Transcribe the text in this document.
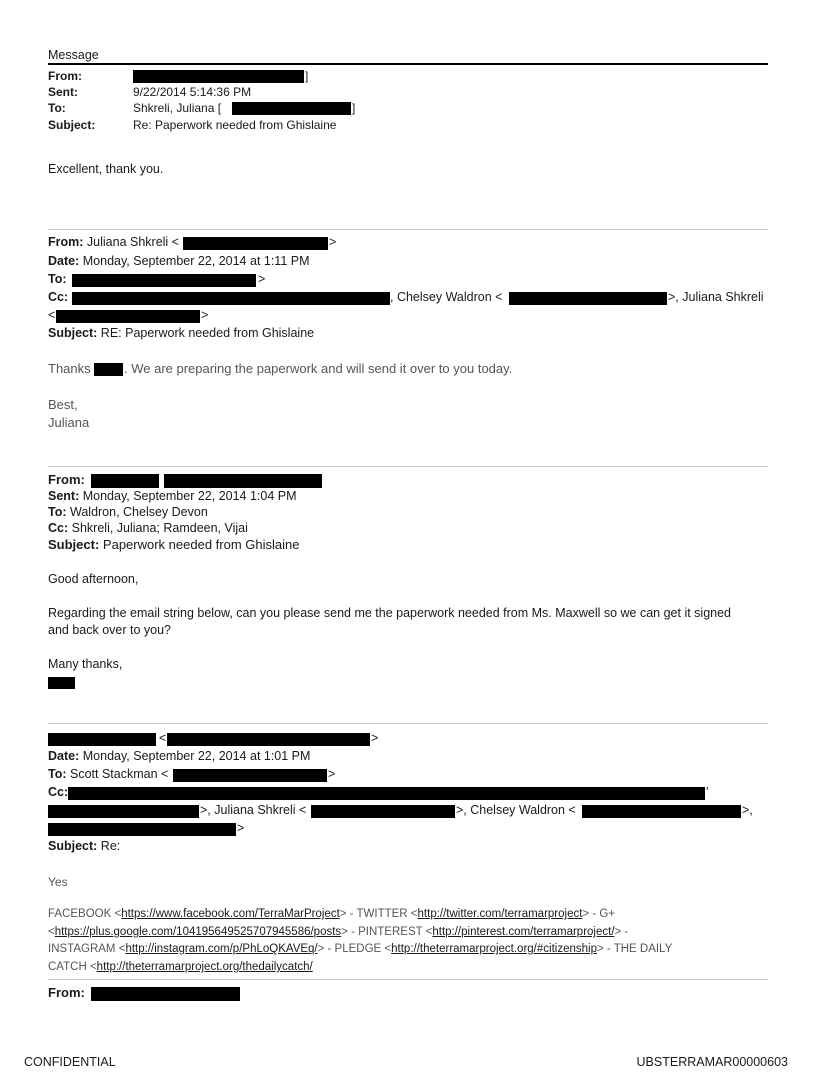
Message
From:	]
Sent:	9/22/2014 5:14:36 PM
To:	Shkreli, Juliana [	]
Subject:	Re: Paperwork needed from Ghislaine
Excellent, thank you.
From: Juliana Shkreli <	>
Date: Monday, September 22, 2014 at 1:11 PM
To:	>
Cc:	, Chelsey Waldron <	>, Juliana Shkreli
<	>
Subject: RE: Paperwork needed from Ghislaine
Thanks	. We are preparing the paperwork and will send it over to you today.
Best,
Juliana
From:
Sent: Monday, September 22, 2014 1:04 PM
To: Waldron, Chelsey Devon
Cc: Shkreli, Juliana; Ramdeen, Vijai
Subject: Paperwork needed from Ghislaine
Good afternoon,
Regarding the email string below, can you please send me the paperwork needed from Ms. Maxwell so we can get it signed
and back over to you?
Many thanks,
<	>
Date: Monday, September 22, 2014 at 1:01 PM
To: Scott Stackman <	>
Cc:	'
>, Juliana Shkreli <	>, Chelsey Waldron <	>,
>
Subject: Re:
Yes
FACEBOOK <https://www.facebook.com/TerraMarProject> - TWITTER <http://twitter.com/terramarproject> - G+
<https://plus.google.com/104195649525707945586/posts> - PINTEREST <http://pinterest.com/terramarproject/> -
INSTAGRAM <http://instagram.com/p/PhLoQKAVEq/> - PLEDGE <http://theterramarproject.org/#citizenship> - THE DAILY
CATCH <http://theterramarproject.org/thedailycatch/
From:
CONFIDENTIAL	UBSTERRAMAR00000603
